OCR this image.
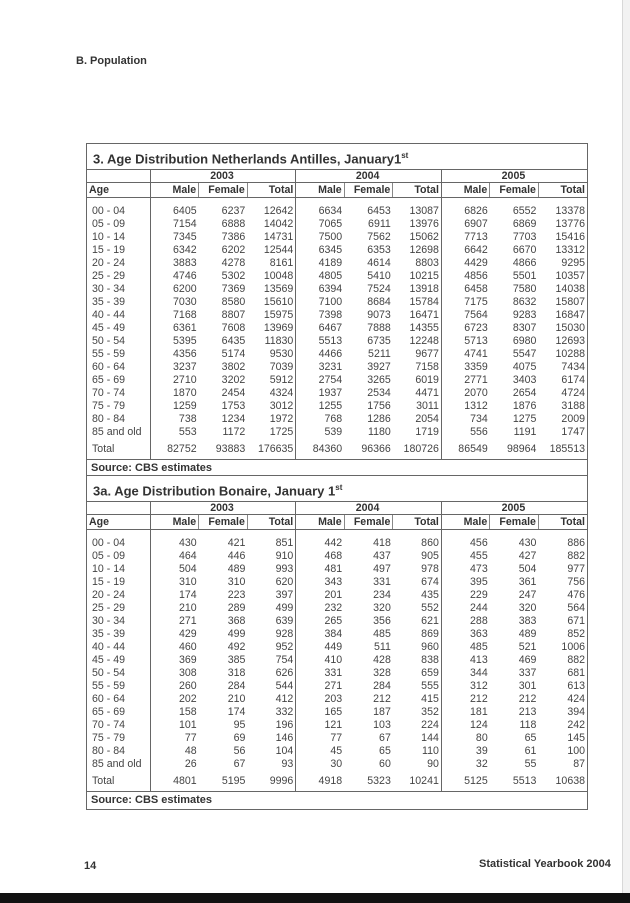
B. Population
3. Age Distribution Netherlands Antilles, January1st
	2003			2004			2005		
Age	Male	Female	Total	Male	Female	Total	Male	Female	Total

00 - 04	6405	6237	12642	6634	6453	13087	6826	6552	13378
05 - 09	7154	6888	14042	7065	6911	13976	6907	6869	13776
10 - 14	7345	7386	14731	7500	7562	15062	7713	7703	15416
15 - 19	6342	6202	12544	6345	6353	12698	6642	6670	13312
20 - 24	3883	4278	8161	4189	4614	8803	4429	4866	9295
25 - 29	4746	5302	10048	4805	5410	10215	4856	5501	10357
30 - 34	6200	7369	13569	6394	7524	13918	6458	7580	14038
35 - 39	7030	8580	15610	7100	8684	15784	7175	8632	15807
40 - 44	7168	8807	15975	7398	9073	16471	7564	9283	16847
45 - 49	6361	7608	13969	6467	7888	14355	6723	8307	15030
50 - 54	5395	6435	11830	5513	6735	12248	5713	6980	12693
55 - 59	4356	5174	9530	4466	5211	9677	4741	5547	10288
60 - 64	3237	3802	7039	3231	3927	7158	3359	4075	7434
65 - 69	2710	3202	5912	2754	3265	6019	2771	3403	6174
70 - 74	1870	2454	4324	1937	2534	4471	2070	2654	4724
75 - 79	1259	1753	3012	1255	1756	3011	1312	1876	3188
80 - 84	738	1234	1972	768	1286	2054	734	1275	2009
85 and old	553	1172	1725	539	1180	1719	556	1191	1747
Total	82752	93883	176635	84360	96366	180726	86549	98964	185513
Source: CBS estimates
3a. Age Distribution Bonaire, January 1st
	2003			2004			2005		
Age	Male	Female	Total	Male	Female	Total	Male	Female	Total

00 - 04	430	421	851	442	418	860	456	430	886
05 - 09	464	446	910	468	437	905	455	427	882
10 - 14	504	489	993	481	497	978	473	504	977
15 - 19	310	310	620	343	331	674	395	361	756
20 - 24	174	223	397	201	234	435	229	247	476
25 - 29	210	289	499	232	320	552	244	320	564
30 - 34	271	368	639	265	356	621	288	383	671
35 - 39	429	499	928	384	485	869	363	489	852
40 - 44	460	492	952	449	511	960	485	521	1006
45 - 49	369	385	754	410	428	838	413	469	882
50 - 54	308	318	626	331	328	659	344	337	681
55 - 59	260	284	544	271	284	555	312	301	613
60 - 64	202	210	412	203	212	415	212	212	424
65 - 69	158	174	332	165	187	352	181	213	394
70 - 74	101	95	196	121	103	224	124	118	242
75 - 79	77	69	146	77	67	144	80	65	145
80 - 84	48	56	104	45	65	110	39	61	100
85 and old	26	67	93	30	60	90	32	55	87
Total	4801	5195	9996	4918	5323	10241	5125	5513	10638
Source: CBS estimates
14	Statistical Yearbook 2004
